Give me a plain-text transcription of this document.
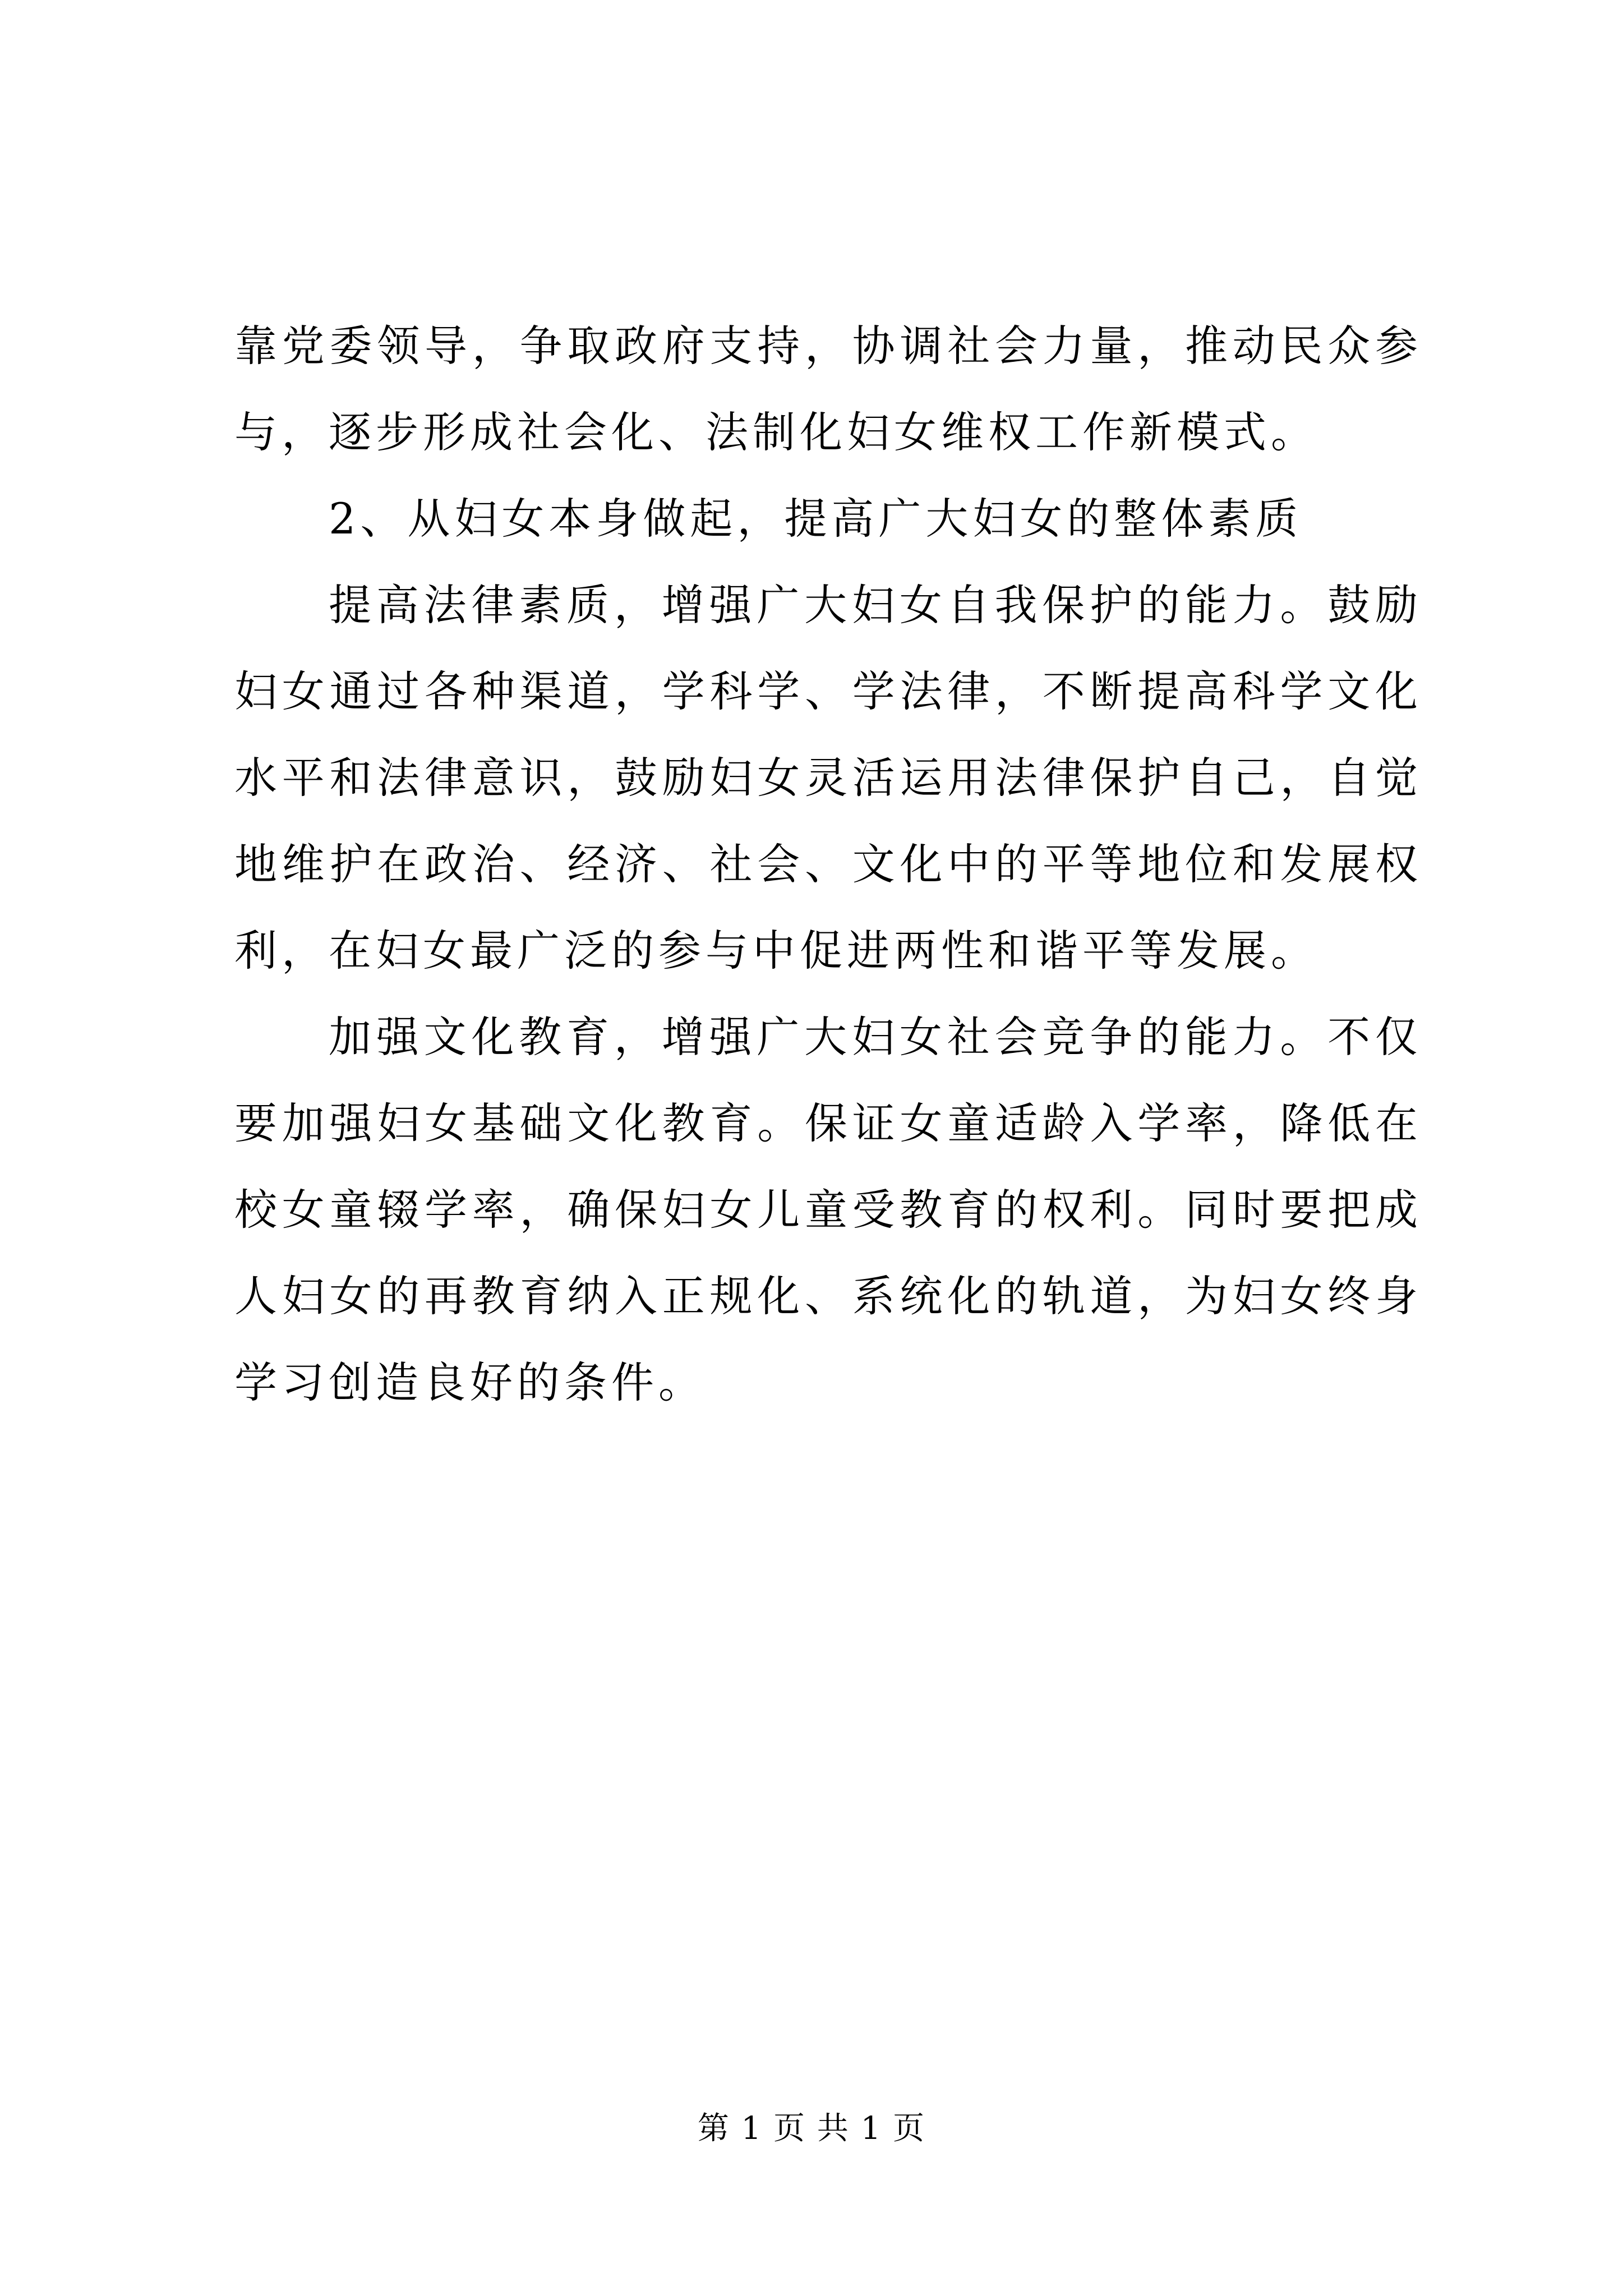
靠党委领导，争取政府支持，协调社会力量，推动民众参与，逐步形成社会化、法制化妇女维权工作新模式。

2、从妇女本身做起，提高广大妇女的整体素质

提高法律素质，增强广大妇女自我保护的能力。鼓励妇女通过各种渠道，学科学、学法律，不断提高科学文化水平和法律意识，鼓励妇女灵活运用法律保护自己，自觉地维护在政治、经济、社会、文化中的平等地位和发展权利，在妇女最广泛的参与中促进两性和谐平等发展。

加强文化教育，增强广大妇女社会竞争的能力。不仅要加强妇女基础文化教育。保证女童适龄入学率，降低在校女童辍学率，确保妇女儿童受教育的权利。同时要把成人妇女的再教育纳入正规化、系统化的轨道，为妇女终身学习创造良好的条件。

第 1 页 共 1 页
